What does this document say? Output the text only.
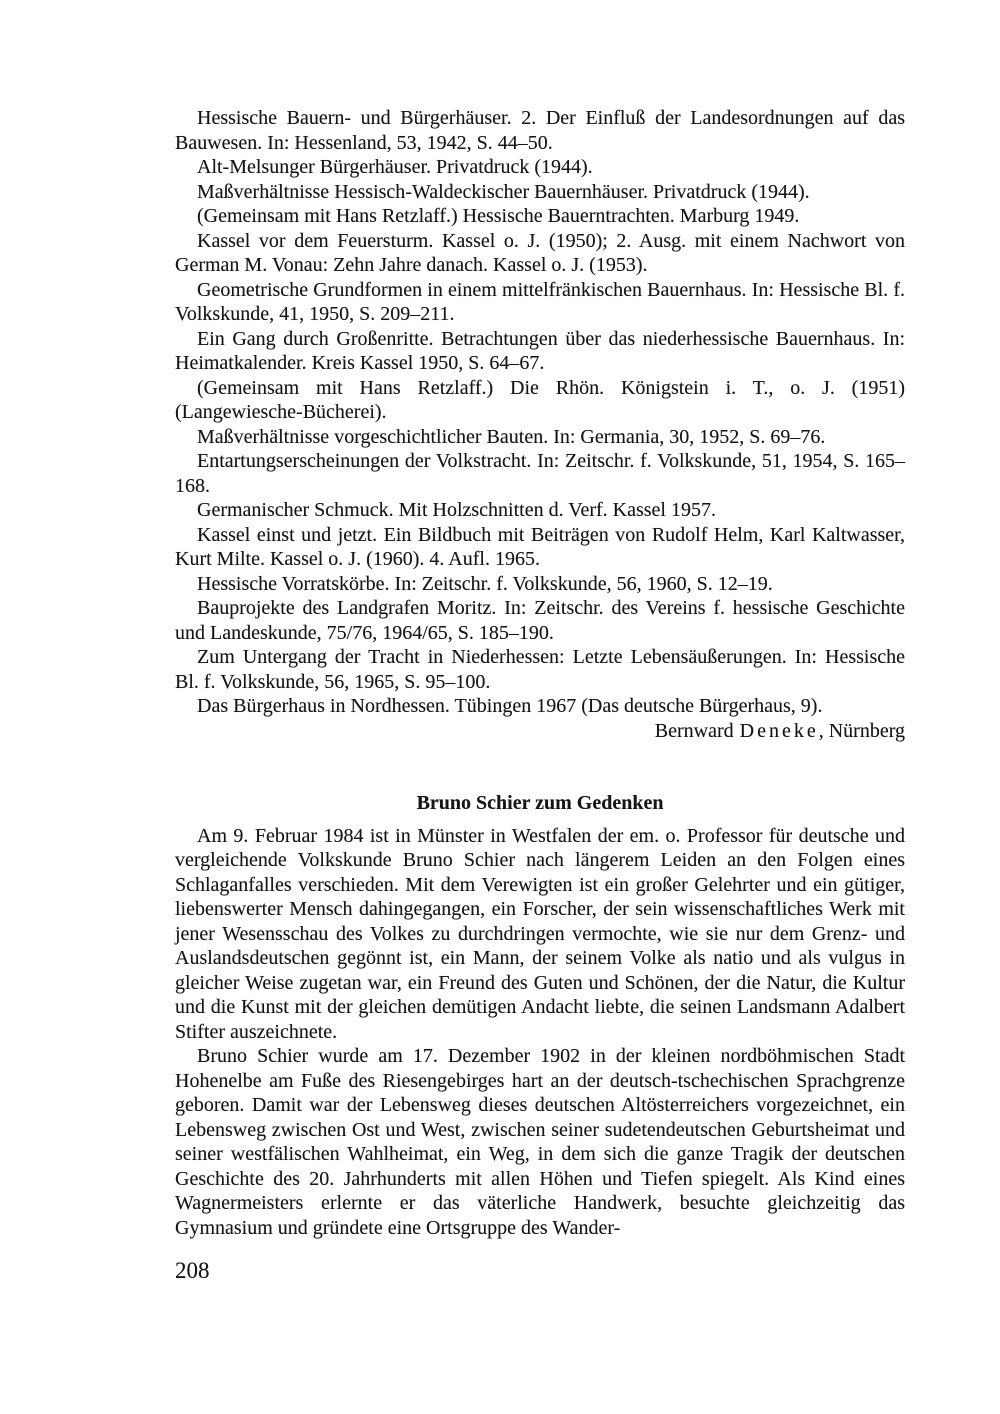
Hessische Bauern- und Bürgerhäuser. 2. Der Einfluß der Landesordnungen auf das Bauwesen. In: Hessenland, 53, 1942, S. 44–50.

Alt-Melsunger Bürgerhäuser. Privatdruck (1944).

Maßverhältnisse Hessisch-Waldeckischer Bauernhäuser. Privatdruck (1944).

(Gemeinsam mit Hans Retzlaff.) Hessische Bauerntrachten. Marburg 1949.

Kassel vor dem Feuersturm. Kassel o. J. (1950); 2. Ausg. mit einem Nachwort von German M. Vonau: Zehn Jahre danach. Kassel o. J. (1953).

Geometrische Grundformen in einem mittelfränkischen Bauernhaus. In: Hessische Bl. f. Volkskunde, 41, 1950, S. 209–211.

Ein Gang durch Großenritte. Betrachtungen über das niederhessische Bauernhaus. In: Heimatkalender. Kreis Kassel 1950, S. 64–67.

(Gemeinsam mit Hans Retzlaff.) Die Rhön. Königstein i. T., o. J. (1951) (Langewiesche-Bücherei).

Maßverhältnisse vorgeschichtlicher Bauten. In: Germania, 30, 1952, S. 69–76.

Entartungserscheinungen der Volkstracht. In: Zeitschr. f. Volkskunde, 51, 1954, S. 165–168.

Germanischer Schmuck. Mit Holzschnitten d. Verf. Kassel 1957.

Kassel einst und jetzt. Ein Bildbuch mit Beiträgen von Rudolf Helm, Karl Kaltwasser, Kurt Milte. Kassel o. J. (1960). 4. Aufl. 1965.

Hessische Vorratskörbe. In: Zeitschr. f. Volkskunde, 56, 1960, S. 12–19.

Bauprojekte des Landgrafen Moritz. In: Zeitschr. des Vereins f. hessische Geschichte und Landeskunde, 75/76, 1964/65, S. 185–190.

Zum Untergang der Tracht in Niederhessen: Letzte Lebensäußerungen. In: Hessische Bl. f. Volkskunde, 56, 1965, S. 95–100.

Das Bürgerhaus in Nordhessen. Tübingen 1967 (Das deutsche Bürgerhaus, 9).

Bernward Deneke, Nürnberg

Bruno Schier zum Gedenken

Am 9. Februar 1984 ist in Münster in Westfalen der em. o. Professor für deutsche und vergleichende Volkskunde Bruno Schier nach längerem Leiden an den Folgen eines Schlaganfalles verschieden. Mit dem Verewigten ist ein großer Gelehrter und ein gütiger, liebenswerter Mensch dahingegangen, ein Forscher, der sein wissenschaftliches Werk mit jener Wesensschau des Volkes zu durchdringen vermochte, wie sie nur dem Grenz- und Auslandsdeutschen gegönnt ist, ein Mann, der seinem Volke als natio und als vulgus in gleicher Weise zugetan war, ein Freund des Guten und Schönen, der die Natur, die Kultur und die Kunst mit der gleichen demütigen Andacht liebte, die seinen Landsmann Adalbert Stifter auszeichnete.

Bruno Schier wurde am 17. Dezember 1902 in der kleinen nordböhmischen Stadt Hohenelbe am Fuße des Riesengebirges hart an der deutsch-tschechischen Sprachgrenze geboren. Damit war der Lebensweg dieses deutschen Altösterreichers vorgezeichnet, ein Lebensweg zwischen Ost und West, zwischen seiner sudetendeutschen Geburtsheimat und seiner westfälischen Wahlheimat, ein Weg, in dem sich die ganze Tragik der deutschen Geschichte des 20. Jahrhunderts mit allen Höhen und Tiefen spiegelt. Als Kind eines Wagnermeisters erlernte er das väterliche Handwerk, besuchte gleichzeitig das Gymnasium und gründete eine Ortsgruppe des Wander-

208
